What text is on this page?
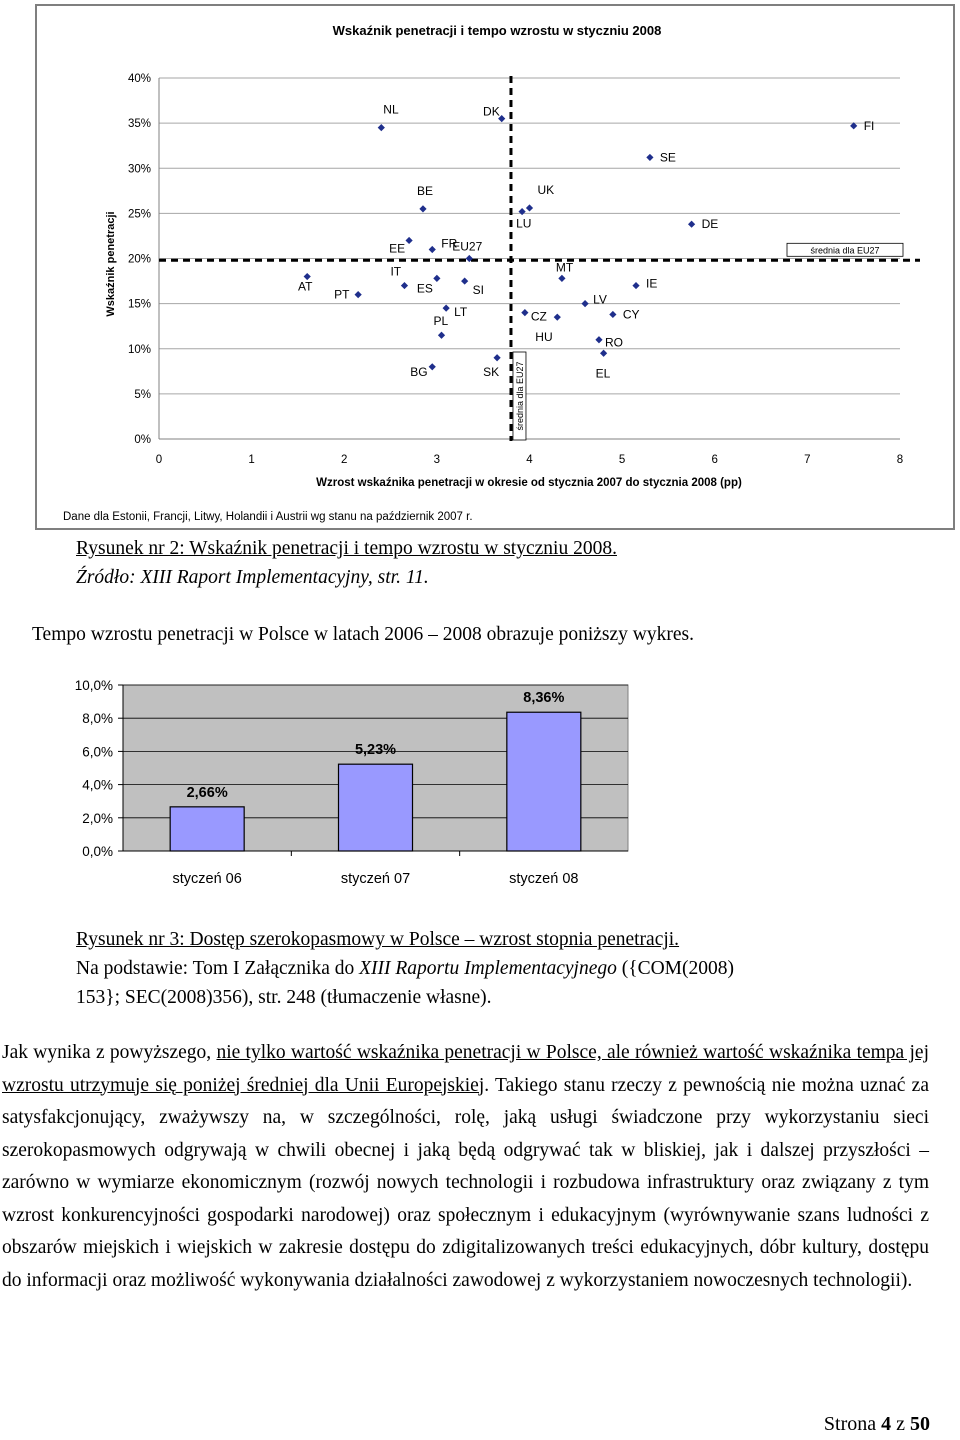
Wskaźnik penetracji i tempo wzrostu w styczniu 2008
Wskaźnik penetracji
Wzrost wskaźnika penetracji w okresie od stycznia 2007 do stycznia 2008 (pp)
Dane dla Estonii, Francji, Litwy, Holandii i Austrii wg stanu na październik 2007 r.
0%
5%
10%
15%
20%
25%
30%
35%
40%
0	1	2	3	4	5	6	7	8
średnia dla EU27
średnia dla EU27
NL	DK
FI
SE
BE	UK
LU	DE
EE	FR
EU27
IT
ES	SI
AT
PT
MT
IE
LV
LT	CZ
HU
CY
PL
RO
EL
SK
BG
Rysunek nr 2: Wskaźnik penetracji i tempo wzrostu w styczniu 2008.
Źródło: XIII Raport Implementacyjny, str. 11.
Tempo wzrostu penetracji w Polsce w latach 2006 – 2008 obrazuje poniższy wykres.
2,66%
5,23%
8,36%
0,0%
2,0%
4,0%
6,0%
8,0%
10,0%
styczeń 06	styczeń 07	styczeń 08
Rysunek nr 3: Dostęp szerokopasmowy w Polsce – wzrost stopnia penetracji.
Na podstawie: Tom I Załącznika do XIII Raportu Implementacyjnego ({COM(2008)
153}; SEC(2008)356), str. 248 (tłumaczenie własne).
Jak wynika z powyższego, nie tylko wartość wskaźnika penetracji w Polsce, ale również wartość wskaźnika tempa jej wzrostu utrzymuje się poniżej średniej dla Unii Europejskiej. Takiego stanu rzeczy z pewnością nie można uznać za satysfakcjonujący, zważywszy na, w szczególności, rolę, jaką usługi świadczone przy wykorzystaniu sieci szerokopasmowych odgrywają w chwili obecnej i jaką będą odgrywać tak w bliskiej, jak i dalszej przyszłości – zarówno w wymiarze ekonomicznym (rozwój nowych technologii i rozbudowa infrastruktury oraz związany z tym wzrost konkurencyjności gospodarki narodowej) oraz społecznym i edukacyjnym (wyrównywanie szans ludności z obszarów miejskich i wiejskich w zakresie dostępu do zdigitalizowanych treści edukacyjnych, dóbr kultury, dostępu do informacji oraz możliwość wykonywania działalności zawodowej z wykorzystaniem nowoczesnych technologii).
Strona 4 z 50
